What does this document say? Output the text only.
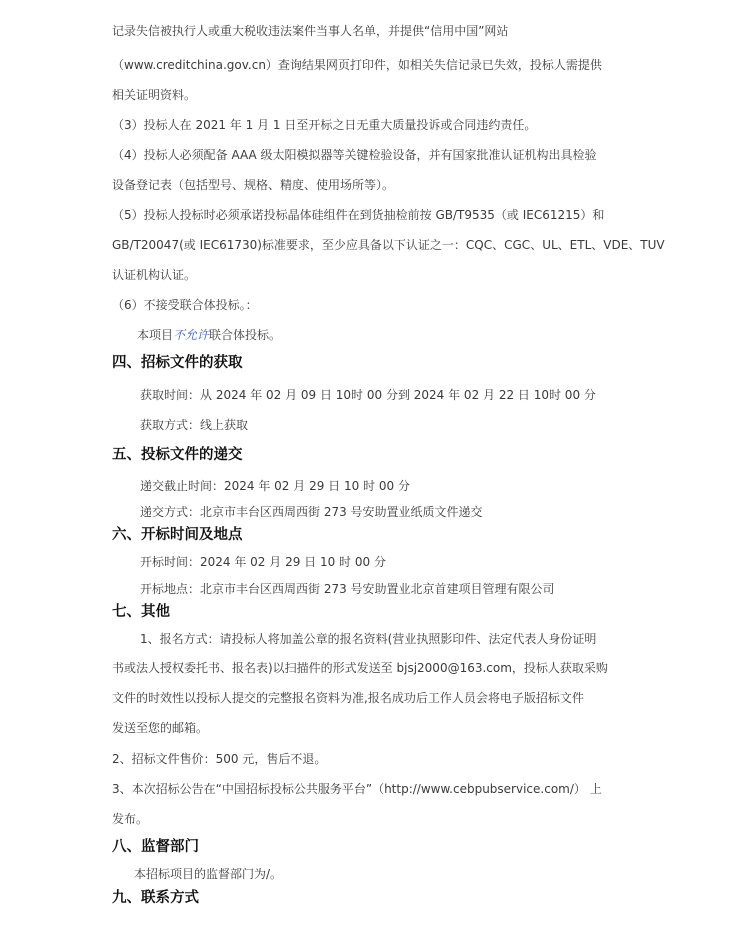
记录失信被执行人或重大税收违法案件当事人名单，并提供“信用中国”网站
（www.creditchina.gov.cn）查询结果网页打印件，如相关失信记录已失效，投标人需提供
相关证明资料。
（3）投标人在 2021 年 1 月 1 日至开标之日无重大质量投诉或合同违约责任。
（4）投标人必须配备 AAA 级太阳模拟器等关键检验设备，并有国家批准认证机构出具检验
设备登记表（包括型号、规格、精度、使用场所等）。
（5）投标人投标时必须承诺投标晶体硅组件在到货抽检前按 GB/T9535（或 IEC61215）和
GB/T20047(或 IEC61730)标准要求，至少应具备以下认证之一：CQC、CGC、UL、ETL、VDE、TUV
认证机构认证。
（6）不接受联合体投标。：
本项目不允许联合体投标。
四、招标文件的获取
获取时间：从 2024 年 02 月 09 日 10时 00 分到 2024 年 02 月 22 日 10时 00 分
获取方式：线上获取
五、投标文件的递交
递交截止时间：2024 年 02 月 29 日 10 时 00 分
递交方式：北京市丰台区西周西街 273 号安助置业纸质文件递交
六、开标时间及地点
开标时间：2024 年 02 月 29 日 10 时 00 分
开标地点：北京市丰台区西周西街 273 号安助置业北京首建项目管理有限公司
七、其他
1、报名方式：请投标人将加盖公章的报名资料(营业执照影印件、法定代表人身份证明
书或法人授权委托书、报名表)以扫描件的形式发送至 bjsj2000@163.com，投标人获取采购
文件的时效性以投标人提交的完整报名资料为准,报名成功后工作人员会将电子版招标文件
发送至您的邮箱。
2、招标文件售价：500 元，售后不退。
3、本次招标公告在“中国招标投标公共服务平台”（http://www.cebpubservice.com/） 上
发布。
八、监督部门
本招标项目的监督部门为/。
九、联系方式
